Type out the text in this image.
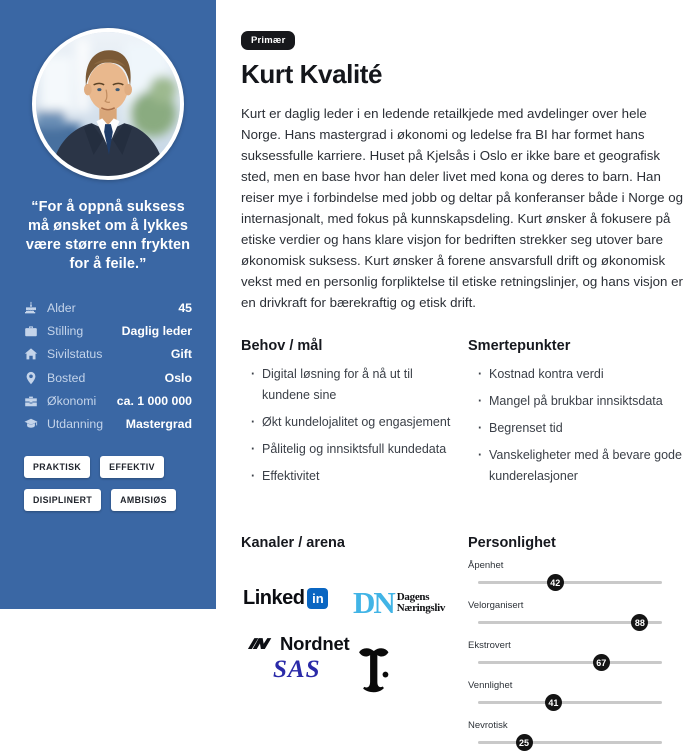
“For å oppnå suksess må ønsket om å lykkes være større enn frykten for å feile.”

Alder	45
Stilling	Daglig leder
Sivilstatus	Gift
Bosted	Oslo
Økonomi	ca. 1 000 000
Utdanning	Mastergrad
PRAKTISK	EFFEKTIV
DISIPLINERT	AMBISIØS
Primær
Kurt Kvalité

Kurt er daglig leder i en ledende retailkjede med avdelinger over hele Norge. Hans mastergrad i økonomi og ledelse fra BI har formet hans suksessfulle karriere. Huset på Kjelsås i Oslo er ikke bare et geografisk sted, men en base hvor han deler livet med kona og deres to barn. Han reiser mye i forbindelse med jobb og deltar på konferanser både i Norge og internasjonalt, med fokus på kunnskapsdeling. Kurt ønsker å fokusere på etiske verdier og hans klare visjon for bedriften strekker seg utover bare økonomisk suksess. Kurt ønsker å forene ansvarsfull drift og økonomisk vekst med en personlig forpliktelse til etiske retningslinjer, og hans visjon er en drivkraft for bærekraftig og etisk drift.

Behov / mål
· Digital løsning for å nå ut til kundene sine
· Økt kundelojalitet og engasjement
· Pålitelig og innsiktsfull kundedata
· Effektivitet
Smertepunkter
· Kostnad kontra verdi
· Mangel på brukbar innsiktsdata
· Begrenset tid
· Vanskeligheter med å bevare gode kunderelasjoner
Kanaler / arena
Linked in DN Dagens
Næringsliv
Nordnet
SAS
Personlighet
Åpenhet
42
Velorganisert
88
Ekstrovert
67
Vennlighet
41
Nevrotisk
25
